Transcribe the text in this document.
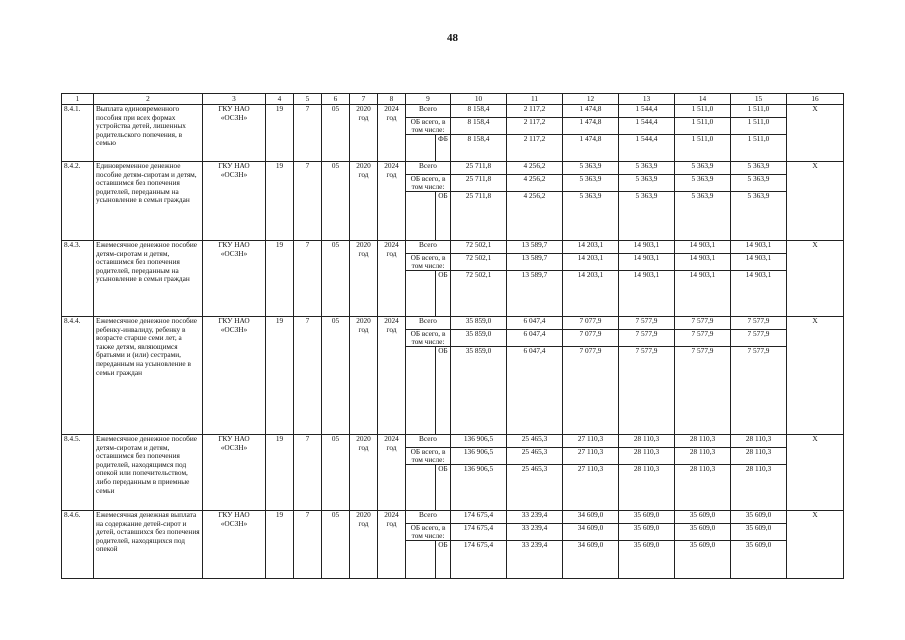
48
1	2	3	4	5	6	7	8	9		10	11	12	13	14	15	16
8.4.1.	Выплата единовременного пособия при всех формах устройства детей, лишенных родительского попечения, в семью	ГКУ НАО «ОСЗН»	19	7	05	2020 год	2024 год	Всего		8 158,4	2 117,2	1 474,8	1 544,4	1 511,0	1 511,0	Х
								ОБ всего, в том числе:		8 158,4	2 117,2	1 474,8	1 544,4	1 511,0	1 511,0	
									ФБ	8 158,4	2 117,2	1 474,8	1 544,4	1 511,0	1 511,0	
8.4.2.	Единовременное денежное пособие детям-сиротам и детям, оставшимся без попечения родителей, переданным на усыновление в семьи граждан	ГКУ НАО «ОСЗН»	19	7	05	2020 год	2024 год	Всего		25 711,8	4 256,2	5 363,9	5 363,9	5 363,9	5 363,9	Х
								ОБ всего, в том числе:		25 711,8	4 256,2	5 363,9	5 363,9	5 363,9	5 363,9	
									ОБ	25 711,8	4 256,2	5 363,9	5 363,9	5 363,9	5 363,9	
8.4.3.	Ежемесячное денежное пособие детям-сиротам и детям, оставшимся без попечения родителей, переданным на усыновление в семьи граждан	ГКУ НАО «ОСЗН»	19	7	05	2020 год	2024 год	Всего		72 502,1	13 589,7	14 203,1	14 903,1	14 903,1	14 903,1	Х
								ОБ всего, в том числе:		72 502,1	13 589,7	14 203,1	14 903,1	14 903,1	14 903,1	
									ОБ	72 502,1	13 589,7	14 203,1	14 903,1	14 903,1	14 903,1	
8.4.4.	Ежемесячное денежное пособие ребенку-инвалиду, ребенку в возрасте старше семи лет, а также детям, являющимся братьями и (или) сестрами, переданным на усыновление в семьи граждан	ГКУ НАО «ОСЗН»	19	7	05	2020 год	2024 год	Всего		35 859,0	6 047,4	7 077,9	7 577,9	7 577,9	7 577,9	Х
								ОБ всего, в том числе:		35 859,0	6 047,4	7 077,9	7 577,9	7 577,9	7 577,9	
									ОБ	35 859,0	6 047,4	7 077,9	7 577,9	7 577,9	7 577,9	
8.4.5.	Ежемесячное денежное пособие детям-сиротам и детям, оставшимся без попечения родителей, находящимся под опекой или попечительством, либо переданным в приемные семьи	ГКУ НАО «ОСЗН»	19	7	05	2020 год	2024 год	Всего		136 906,5	25 465,3	27 110,3	28 110,3	28 110,3	28 110,3	Х
								ОБ всего, в том числе:		136 906,5	25 465,3	27 110,3	28 110,3	28 110,3	28 110,3	
									ОБ	136 906,5	25 465,3	27 110,3	28 110,3	28 110,3	28 110,3	
8.4.6.	Ежемесячная денежная выплата на содержание детей-сирот и детей, оставшихся без попечения родителей, находящихся под опекой	ГКУ НАО «ОСЗН»	19	7	05	2020 год	2024 год	Всего		174 675,4	33 239,4	34 609,0	35 609,0	35 609,0	35 609,0	Х
								ОБ всего, в том числе:		174 675,4	33 239,4	34 609,0	35 609,0	35 609,0	35 609,0	
									ОБ	174 675,4	33 239,4	34 609,0	35 609,0	35 609,0	35 609,0	
